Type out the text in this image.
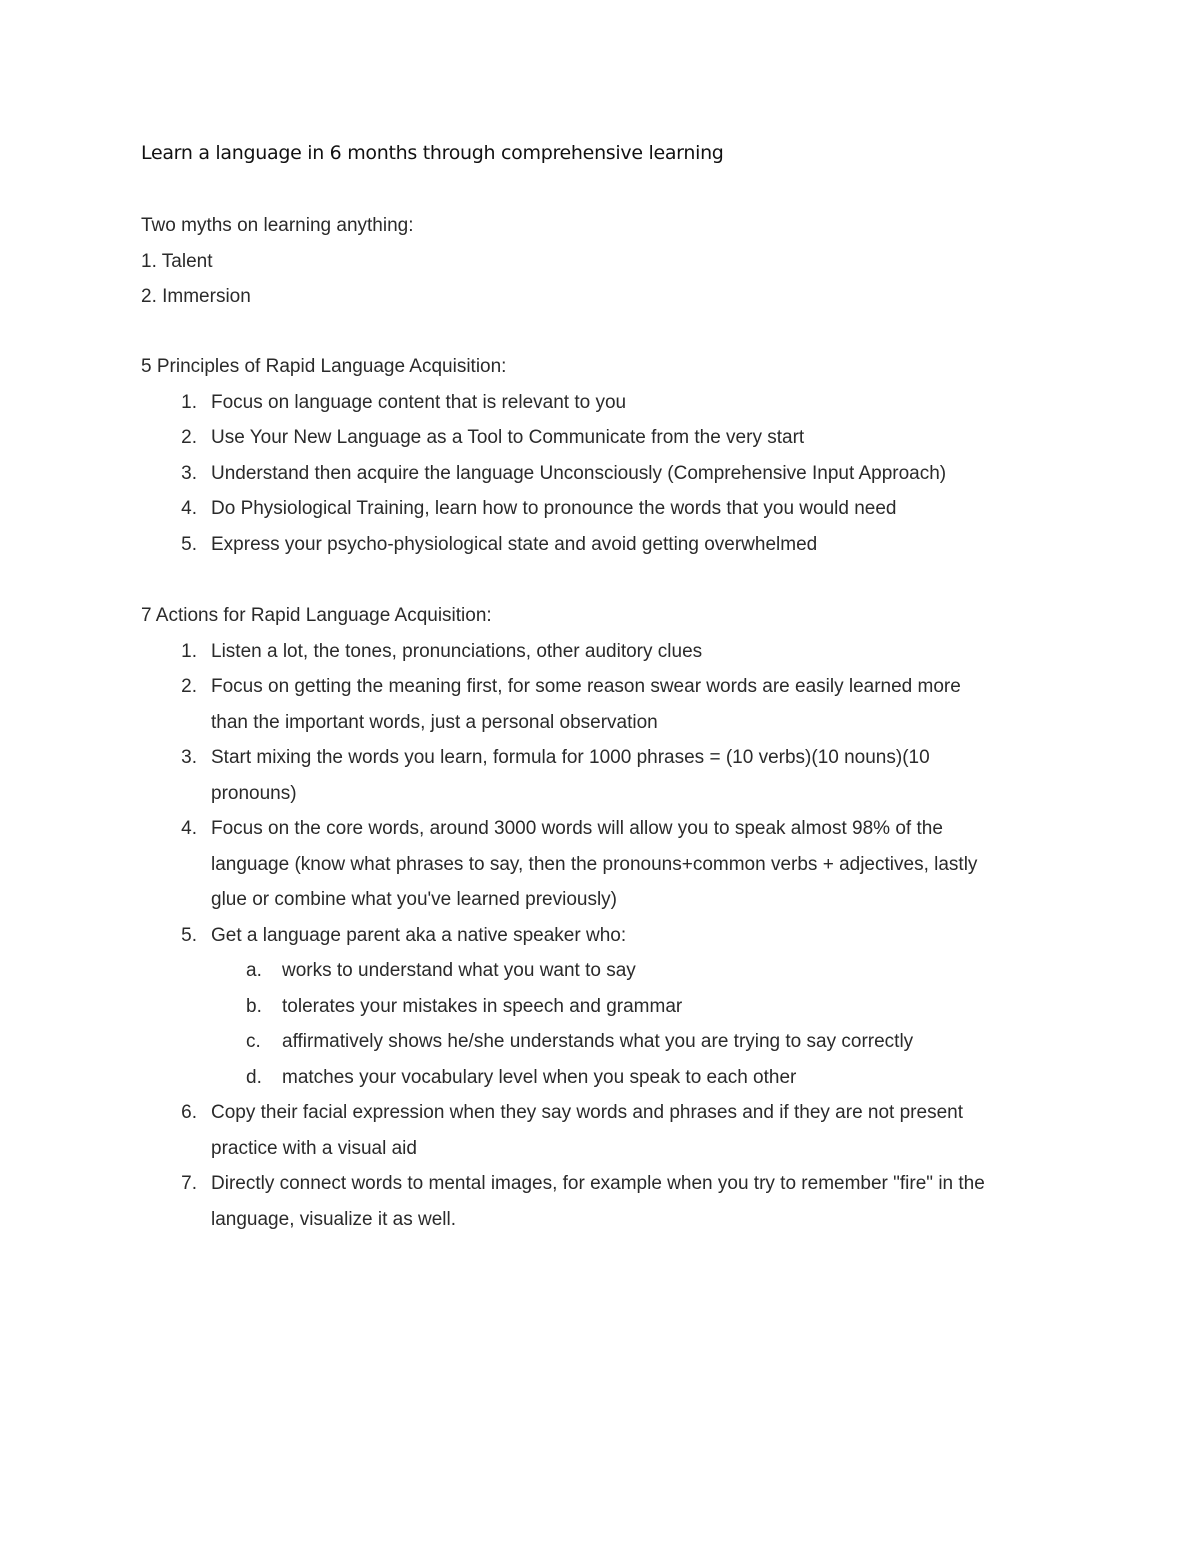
Learn a language in 6 months through comprehensive learning
Two myths on learning anything:
1. Talent
2. Immersion
5 Principles of Rapid Language Acquisition:
1. Focus on language content that is relevant to you
2. Use Your New Language as a Tool to Communicate from the very start
3. Understand then acquire the language Unconsciously (Comprehensive Input Approach)
4. Do Physiological Training, learn how to pronounce the words that you would need
5. Express your psycho-physiological state and avoid getting overwhelmed
7 Actions for Rapid Language Acquisition:
1. Listen a lot, the tones, pronunciations, other auditory clues
2. Focus on getting the meaning first, for some reason swear words are easily learned more
than the important words, just a personal observation
3. Start mixing the words you learn, formula for 1000 phrases = (10 verbs)(10 nouns)(10
pronouns)
4. Focus on the core words, around 3000 words will allow you to speak almost 98% of the
language (know what phrases to say, then the pronouns+common verbs + adjectives, lastly
glue or combine what you've learned previously)
5. Get a language parent aka a native speaker who:
a. works to understand what you want to say
b. tolerates your mistakes in speech and grammar
c. affirmatively shows he/she understands what you are trying to say correctly
d. matches your vocabulary level when you speak to each other
6. Copy their facial expression when they say words and phrases and if they are not present
practice with a visual aid
7. Directly connect words to mental images, for example when you try to remember "fire" in the
language, visualize it as well.
